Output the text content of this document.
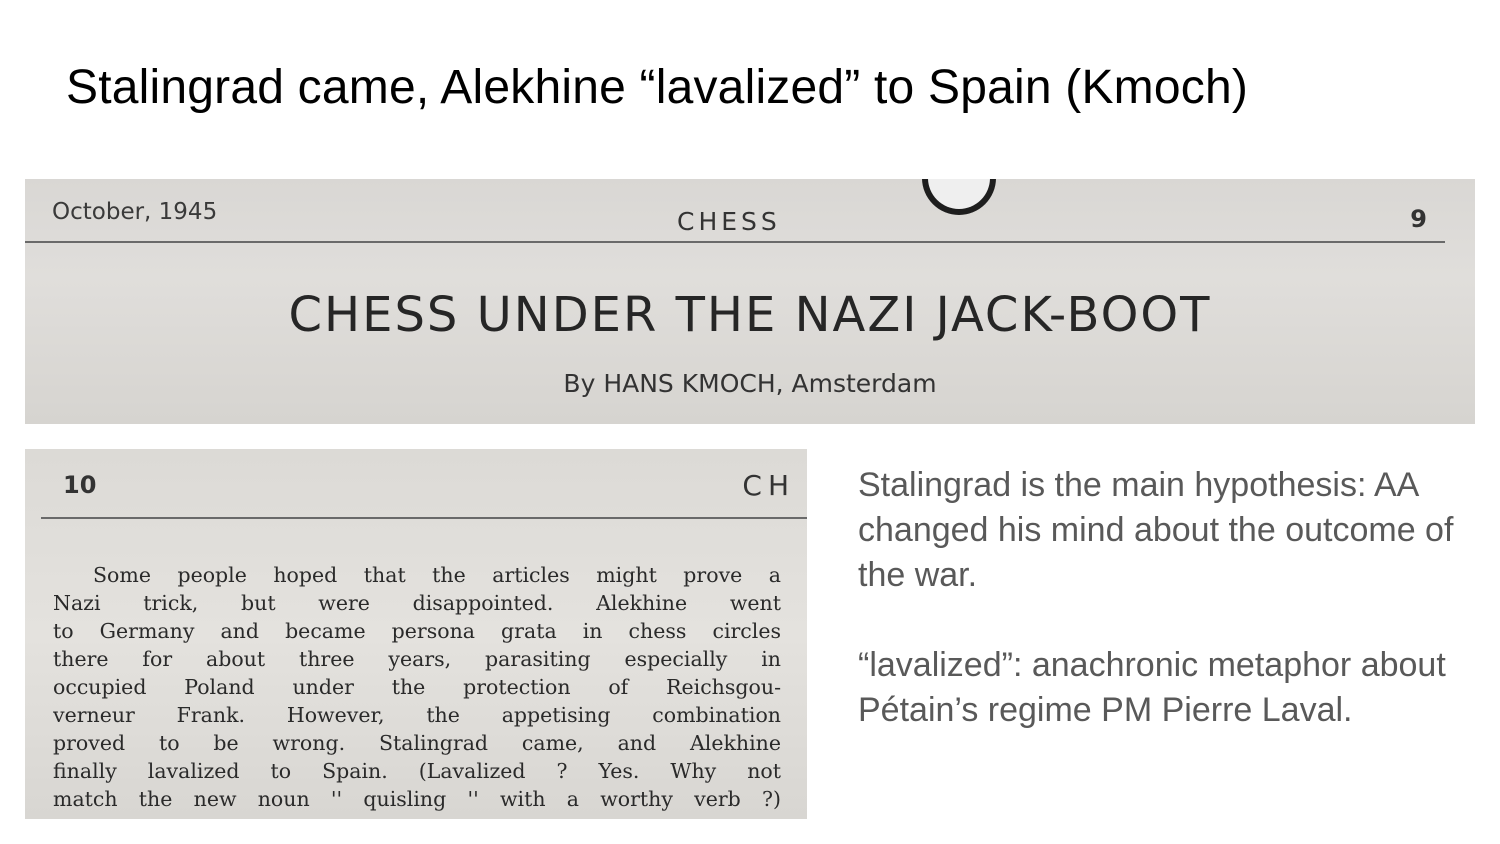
Stalingrad came, Alekhine “lavalized” to Spain (Kmoch)
October, 1945	CHESS	9
CHESS UNDER THE NAZI JACK-BOOT
By HANS KMOCH, Amsterdam
10	CH
Some people hoped that the articles might prove a
Nazi trick, but were disappointed. Alekhine went
to Germany and became persona grata in chess circles
there for about three years, parasiting especially in
occupied Poland under the protection of Reichsgou-
verneur Frank. However, the appetising combination
proved to be wrong. Stalingrad came, and Alekhine
finally lavalized to Spain. (Lavalized ? Yes. Why not
match the new noun '' quisling '' with a worthy verb ?)

Stalingrad is the main hypothesis: AA changed his mind about the outcome of the war.

“lavalized”: anachronic metaphor about Pétain’s regime PM Pierre Laval.
